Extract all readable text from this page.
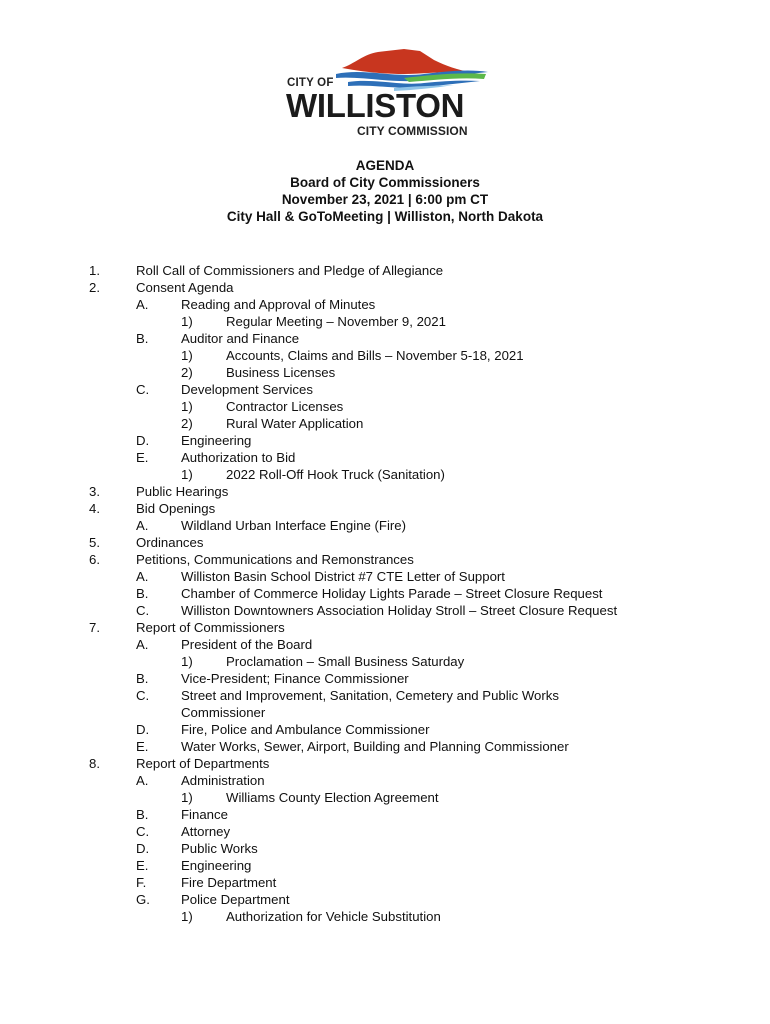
CITY OF
WILLISTON
CITY COMMISSION
AGENDA
Board of City Commissioners
November 23, 2021 | 6:00 pm CT
City Hall & GoToMeeting | Williston, North Dakota
1.	Roll Call of Commissioners and Pledge of Allegiance
2.	Consent Agenda
A. Reading and Approval of Minutes
1)	Regular Meeting – November 9, 2021
B. Auditor and Finance
1)	Accounts, Claims and Bills – November 5-18, 2021
2)	Business Licenses
C. Development Services
1)	Contractor Licenses
2)	Rural Water Application
D. Engineering
E. Authorization to Bid
1)	2022 Roll-Off Hook Truck (Sanitation)
3.	Public Hearings
4.	Bid Openings
A. Wildland Urban Interface Engine (Fire)
5.	Ordinances
6.	Petitions, Communications and Remonstrances
A. Williston Basin School District #7 CTE Letter of Support
B. Chamber of Commerce Holiday Lights Parade – Street Closure Request
C. Williston Downtowners Association Holiday Stroll – Street Closure Request
7.	Report of Commissioners
A. President of the Board
1)	Proclamation – Small Business Saturday
B. Vice-President; Finance Commissioner
C. Street and Improvement, Sanitation, Cemetery and Public Works
Commissioner
D. Fire, Police and Ambulance Commissioner
E. Water Works, Sewer, Airport, Building and Planning Commissioner
8.	Report of Departments
A. Administration
1)	Williams County Election Agreement
B. Finance
C. Attorney
D. Public Works
E. Engineering
F.	Fire Department
G. Police Department
1)	Authorization for Vehicle Substitution
